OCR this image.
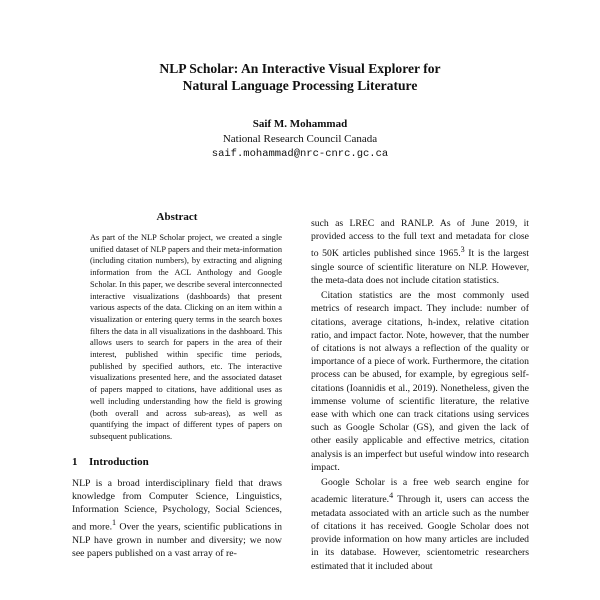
NLP Scholar: An Interactive Visual Explorer for
Natural Language Processing Literature
Saif M. Mohammad
National Research Council Canada
saif.mohammad@nrc-cnrc.gc.ca
Abstract

As part of the NLP Scholar project, we created a single unified dataset of NLP papers and their meta-information (including citation numbers), by extracting and aligning information from the ACL Anthology and Google Scholar. In this paper, we describe several interconnected interactive visualizations (dashboards) that present various aspects of the data. Clicking on an item within a visualization or entering query terms in the search boxes filters the data in all visualizations in the dashboard. This allows users to search for papers in the area of their interest, published within specific time periods, published by specified authors, etc. The interactive visualizations presented here, and the associated dataset of papers mapped to citations, have additional uses as well including understanding how the field is growing (both overall and across sub-areas), as well as quantifying the impact of different types of papers on subsequent publications.

1 Introduction

NLP is a broad interdisciplinary field that draws knowledge from Computer Science, Linguistics, Information Science, Psychology, Social Sciences, and more.$^1$ Over the years, scientific publications in NLP have grown in number and diversity; we now see papers published on a vast array of re-

such as LREC and RANLP. As of June 2019, it provided access to the full text and metadata for close to 50K articles published since 1965.$^3$ It is the largest single source of scientific literature on NLP. However, the meta-data does not include citation statistics.

Citation statistics are the most commonly used metrics of research impact. They include: number of citations, average citations, h-index, relative citation ratio, and impact factor. Note, however, that the number of citations is not always a reflection of the quality or importance of a piece of work. Furthermore, the citation process can be abused, for example, by egregious self-citations (Ioannidis et al., 2019). Nonetheless, given the immense volume of scientific literature, the relative ease with which one can track citations using services such as Google Scholar (GS), and given the lack of other easily applicable and effective metrics, citation analysis is an imperfect but useful window into research impact.

Google Scholar is a free web search engine for academic literature.$^4$ Through it, users can access the metadata associated with an article such as the number of citations it has received. Google Scholar does not provide information on how many articles are included in its database. However, scientometric researchers estimated that it included about
